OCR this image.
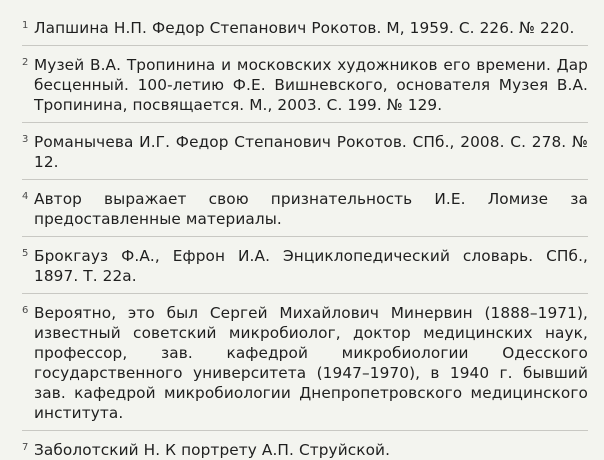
1 Лапшина Н.П. Федор Степанович Рокотов. М, 1959. С. 226. № 220.
2 Музей В.А. Тропинина и московских художников его времени. Дар бесценный. 100-летию Ф.Е. Вишневского, основателя Музея В.А. Тропинина, посвящается. М., 2003. С. 199. № 129.
3 Романычева И.Г. Федор Степанович Рокотов. СПб., 2008. С. 278. № 12.
4 Автор выражает свою признательность И.Е. Ломизе за предоставленные материалы.
5 Брокгауз Ф.А., Ефрон И.А. Энциклопедический словарь. СПб., 1897. Т. 22а.
6 Вероятно, это был Сергей Михайлович Минервин (1888–1971), известный советский микробиолог, доктор медицинских наук, профессор, зав. кафедрой микробиологии Одесского государственного университета (1947–1970), в 1940 г. бывший зав. кафедрой микробиологии Днепропетровского медицинского института.
7 Заболотский Н. К портрету А.П. Струйской.
